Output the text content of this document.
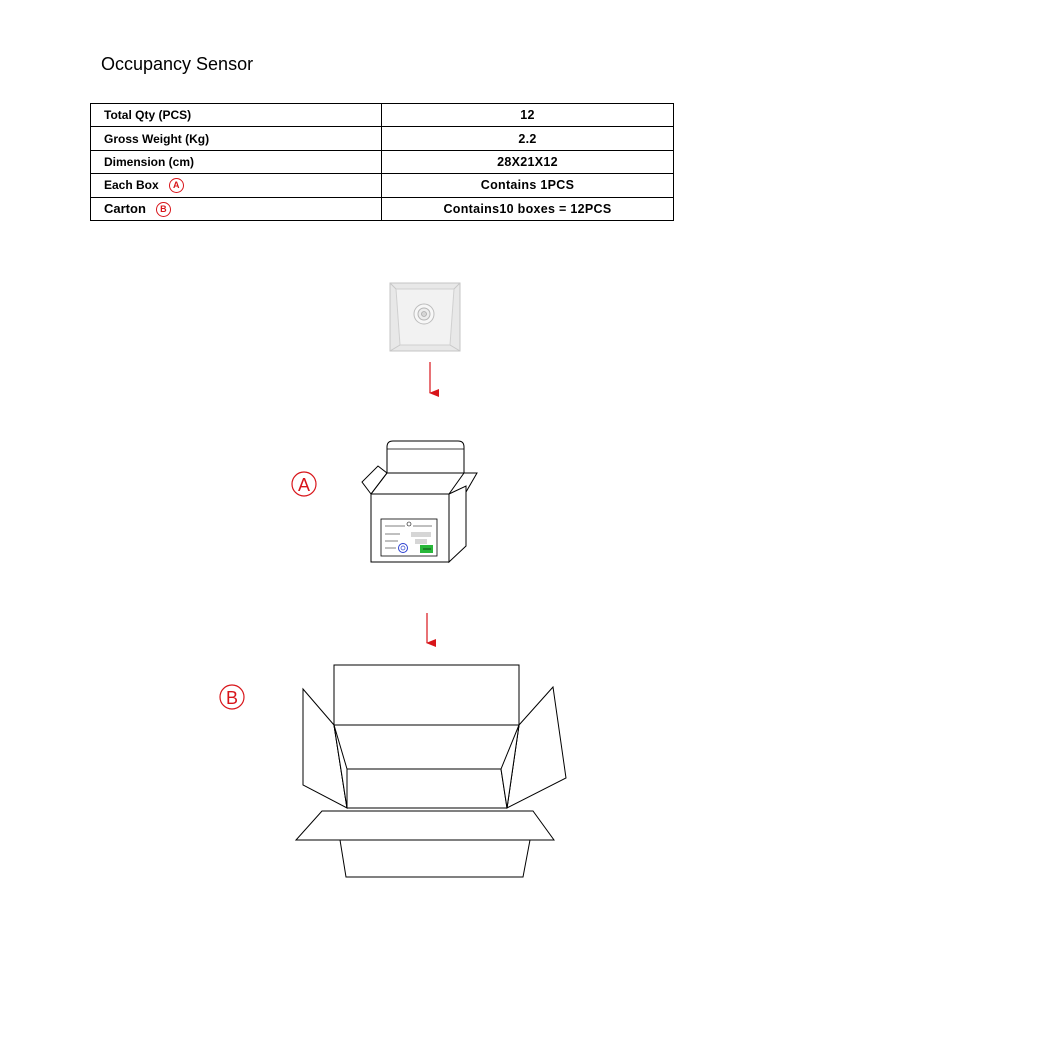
Occupancy Sensor
Total Qty (PCS)	12
Gross Weight (Kg)	2.2
Dimension (cm)	28X21X12
Each Box A	Contains 1PCS
Carton B	Contains10 boxes = 12PCS
A
B
